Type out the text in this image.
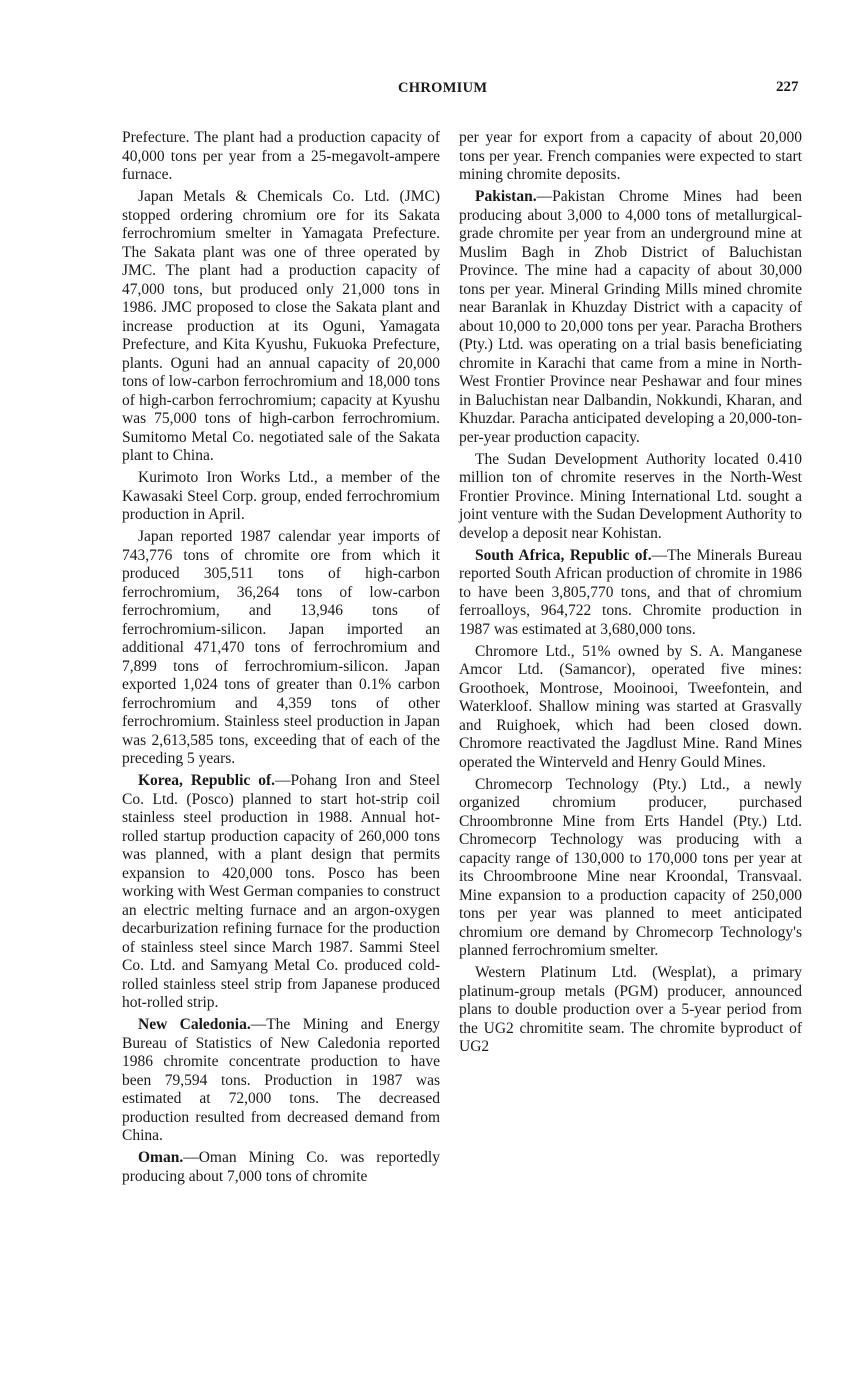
CHROMIUM	227

Prefecture. The plant had a production capacity of 40,000 tons per year from a 25-megavolt-ampere furnace.

Japan Metals & Chemicals Co. Ltd. (JMC) stopped ordering chromium ore for its Sakata ferrochromium smelter in Yamagata Prefecture. The Sakata plant was one of three operated by JMC. The plant had a production capacity of 47,000 tons, but produced only 21,000 tons in 1986. JMC proposed to close the Sakata plant and increase production at its Oguni, Yamagata Prefecture, and Kita Kyushu, Fukuoka Prefecture, plants. Oguni had an annual capacity of 20,000 tons of low-carbon ferrochromium and 18,000 tons of high-carbon ferrochromium; capacity at Kyushu was 75,000 tons of high-carbon ferrochromium. Sumitomo Metal Co. negotiated sale of the Sakata plant to China.

Kurimoto Iron Works Ltd., a member of the Kawasaki Steel Corp. group, ended ferrochromium production in April.

Japan reported 1987 calendar year imports of 743,776 tons of chromite ore from which it produced 305,511 tons of high-carbon ferrochromium, 36,264 tons of low-carbon ferrochromium, and 13,946 tons of ferrochromium-silicon. Japan imported an additional 471,470 tons of ferrochromium and 7,899 tons of ferrochromium-silicon. Japan exported 1,024 tons of greater than 0.1% carbon ferrochromium and 4,359 tons of other ferrochromium. Stainless steel production in Japan was 2,613,585 tons, exceeding that of each of the preceding 5 years.

Korea, Republic of.—Pohang Iron and Steel Co. Ltd. (Posco) planned to start hot-strip coil stainless steel production in 1988. Annual hot-rolled startup production capacity of 260,000 tons was planned, with a plant design that permits expansion to 420,000 tons. Posco has been working with West German companies to construct an electric melting furnace and an argon-oxygen decarburization refining furnace for the production of stainless steel since March 1987. Sammi Steel Co. Ltd. and Samyang Metal Co. produced cold-rolled stainless steel strip from Japanese produced hot-rolled strip.

New Caledonia.—The Mining and Energy Bureau of Statistics of New Caledonia reported 1986 chromite concentrate production to have been 79,594 tons. Production in 1987 was estimated at 72,000 tons. The decreased production resulted from decreased demand from China.

Oman.—Oman Mining Co. was reportedly producing about 7,000 tons of chromite

per year for export from a capacity of about 20,000 tons per year. French companies were expected to start mining chromite deposits.

Pakistan.—Pakistan Chrome Mines had been producing about 3,000 to 4,000 tons of metallurgical-grade chromite per year from an underground mine at Muslim Bagh in Zhob District of Baluchistan Province. The mine had a capacity of about 30,000 tons per year. Mineral Grinding Mills mined chromite near Baranlak in Khuzday District with a capacity of about 10,000 to 20,000 tons per year. Paracha Brothers (Pty.) Ltd. was operating on a trial basis beneficiating chromite in Karachi that came from a mine in North-West Frontier Province near Peshawar and four mines in Baluchistan near Dalbandin, Nokkundi, Kharan, and Khuzdar. Paracha anticipated developing a 20,000-ton-per-year production capacity.

The Sudan Development Authority located 0.410 million ton of chromite reserves in the North-West Frontier Province. Mining International Ltd. sought a joint venture with the Sudan Development Authority to develop a deposit near Kohistan.

South Africa, Republic of.—The Minerals Bureau reported South African production of chromite in 1986 to have been 3,805,770 tons, and that of chromium ferroalloys, 964,722 tons. Chromite production in 1987 was estimated at 3,680,000 tons.

Chromore Ltd., 51% owned by S. A. Manganese Amcor Ltd. (Samancor), operated five mines: Groothoek, Montrose, Mooinooi, Tweefontein, and Waterkloof. Shallow mining was started at Grasvally and Ruighoek, which had been closed down. Chromore reactivated the Jagdlust Mine. Rand Mines operated the Winterveld and Henry Gould Mines.

Chromecorp Technology (Pty.) Ltd., a newly organized chromium producer, purchased Chroombronne Mine from Erts Handel (Pty.) Ltd. Chromecorp Technology was producing with a capacity range of 130,000 to 170,000 tons per year at its Chroombroone Mine near Kroondal, Transvaal. Mine expansion to a production capacity of 250,000 tons per year was planned to meet anticipated chromium ore demand by Chromecorp Technology's planned ferrochromium smelter.

Western Platinum Ltd. (Wesplat), a primary platinum-group metals (PGM) producer, announced plans to double production over a 5-year period from the UG2 chromitite seam. The chromite byproduct of UG2
